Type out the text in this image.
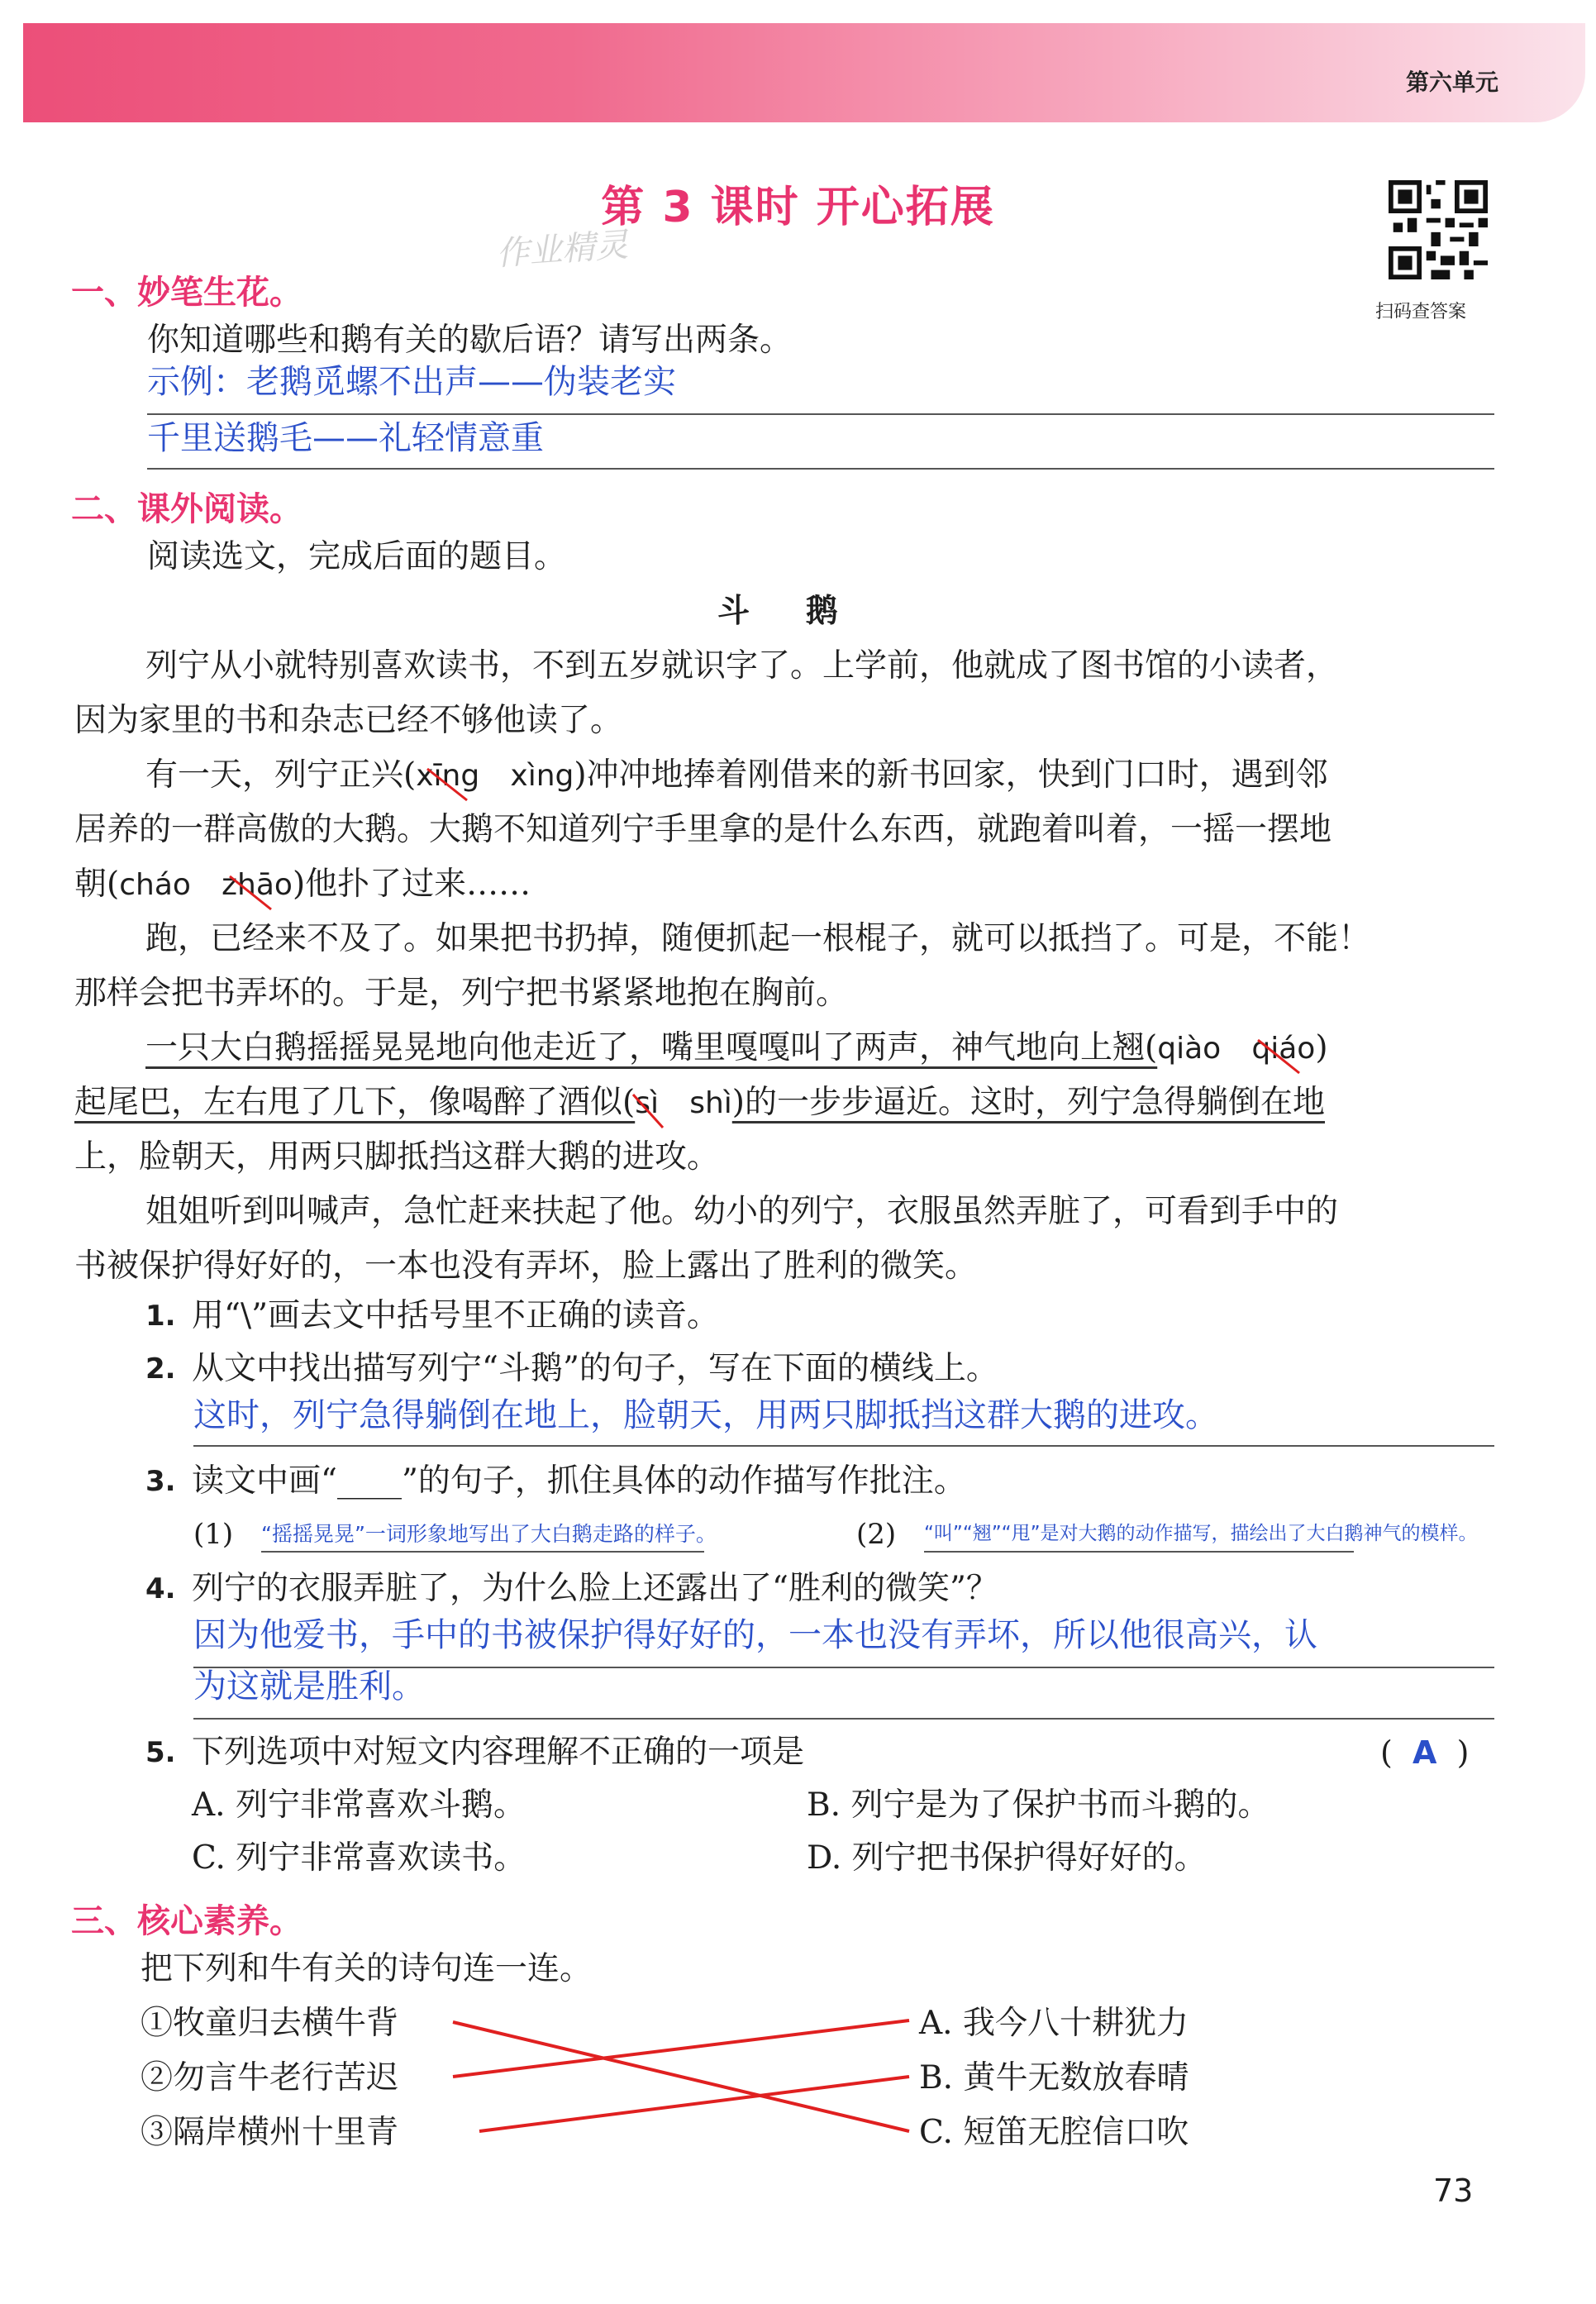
第六单元
第 3 课时 开心拓展
作业精灵
扫码查答案
一、妙笔生花。
你知道哪些和鹅有关的歇后语？请写出两条。
示例：老鹅觅螺不出声——伪装老实
千里送鹅毛——礼轻情意重
二、课外阅读。
阅读选文，完成后面的题目。
斗     鹅
列宁从小就特别喜欢读书，不到五岁就识字了。上学前，他就成了图书馆的小读者，
因为家里的书和杂志已经不够他读了。
有一天，列宁正兴(xīng xìng)冲冲地捧着刚借来的新书回家，快到门口时，遇到邻
居养的一群高傲的大鹅。大鹅不知道列宁手里拿的是什么东西，就跑着叫着，一摇一摆地
朝(cháo zhāo
)他扑了过来……
跑，已经来不及了。如果把书扔掉，随便抓起一根棍子，就可以抵挡了。可是，不能！
那样会把书弄坏的。于是，列宁把书紧紧地抱在胸前。
一只大白鹅摇摇晃晃地向他走近了，嘴里嘎嘎叫了两声，神气地向上翘(qiào qiáo
)
起尾巴，左右甩了几下，像喝醉了酒似(sì shì)的一步步逼近。这时，列宁急得躺倒在地
上，脸朝天，用两只脚抵挡这群大鹅的进攻。
姐姐听到叫喊声，急忙赶来扶起了他。幼小的列宁，衣服虽然弄脏了，可看到手中的
书被保护得好好的，一本也没有弄坏，脸上露出了胜利的微笑。
1. 用“\”画去文中括号里不正确的读音。
2. 从文中找出描写列宁“斗鹅”的句子，写在下面的横线上。
这时，列宁急得躺倒在地上，脸朝天，用两只脚抵挡这群大鹅的进攻。
3. 读文中画“____”的句子，抓住具体的动作描写作批注。
(1) “摇摇晃晃”一词形象地写出了大白鹅走路的样子。	(2) “叫”“翘”“甩”是对大鹅的动作描写，描绘出了大白鹅神气的模样。
4. 列宁的衣服弄脏了，为什么脸上还露出了“胜利的微笑”？
因为他爱书，手中的书被保护得好好的，一本也没有弄坏，所以他很高兴，认
为这就是胜利。
5. 下列选项中对短文内容理解不正确的一项是	( A )
A. 列宁非常喜欢斗鹅。	B. 列宁是为了保护书而斗鹅的。
C. 列宁非常喜欢读书。	D. 列宁把书保护得好好的。
三、核心素养。
把下列和牛有关的诗句连一连。
①牧童归去横牛背
②勿言牛老行苦迟
③隔岸横州十里青
A. 我今八十耕犹力
B. 黄牛无数放春晴
C. 短笛无腔信口吹
73
